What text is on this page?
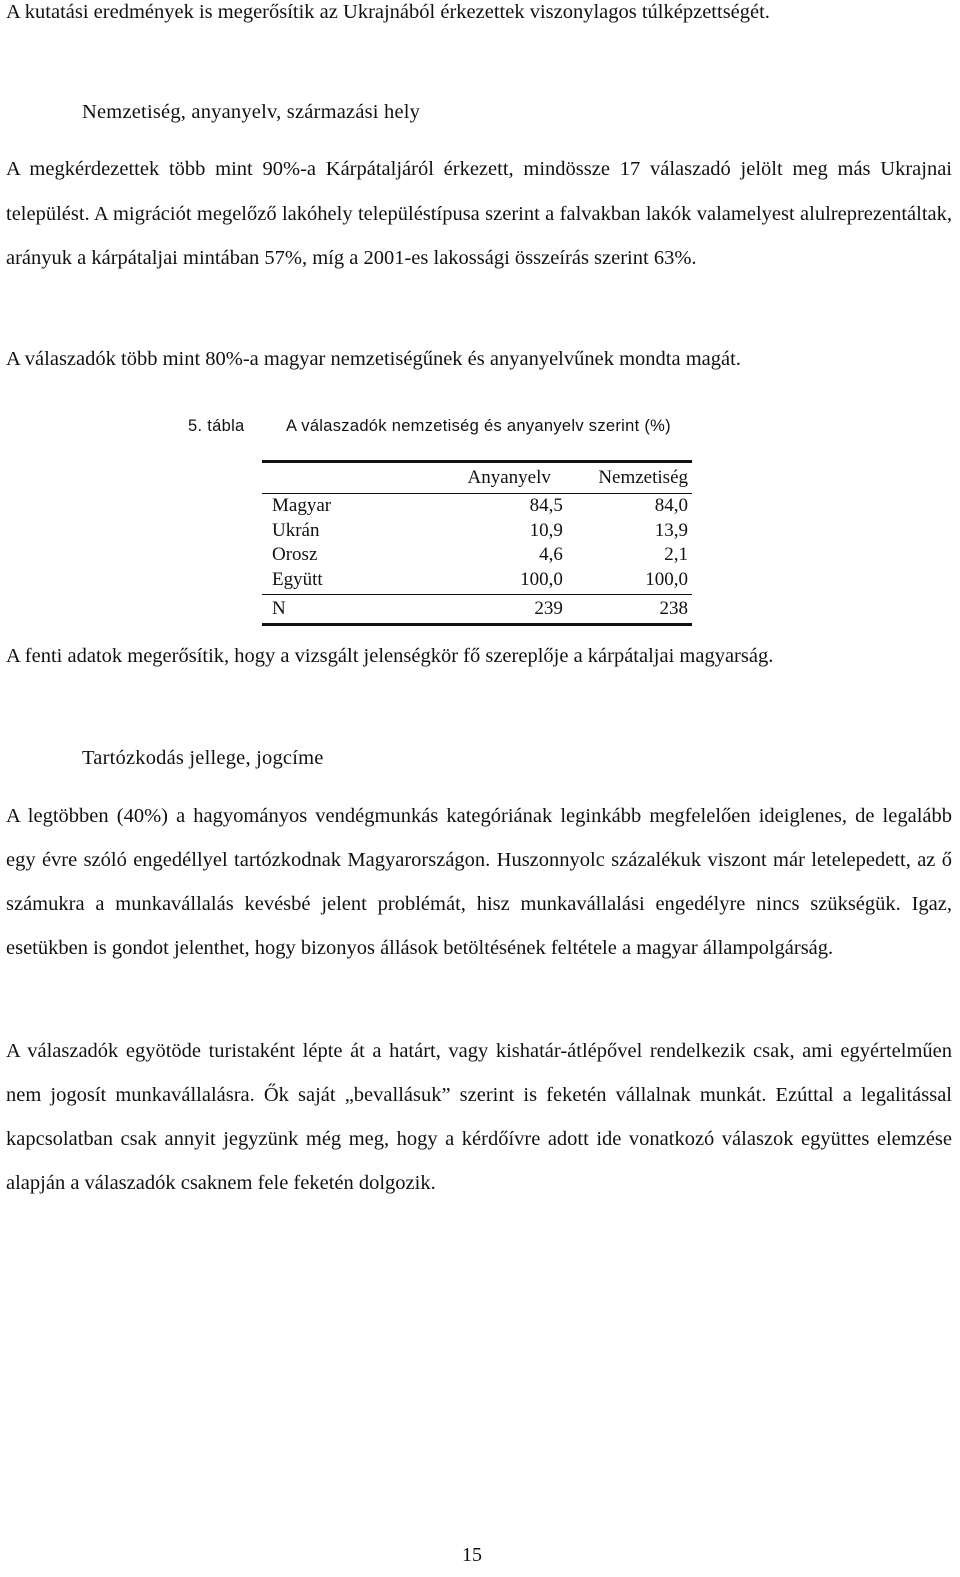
A kutatási eredmények is megerősítik az Ukrajnából érkezettek viszonylagos túlképzettségét.

Nemzetiség, anyanyelv, származási hely

A megkérdezettek több mint 90%-a Kárpátaljáról érkezett, mindössze 17 válaszadó jelölt meg más Ukrajnai települést. A migrációt megelőző lakóhely településtípusa szerint a falvakban lakók valamelyest alulreprezentáltak, arányuk a kárpátaljai mintában 57%, míg a 2001-es lakossági összeírás szerint 63%.

A válaszadók több mint 80%-a magyar nemzetiségűnek és anyanyelvűnek mondta magát.

5. tábla	A válaszadók nemzetiség és anyanyelv szerint (%)
	Anyanyelv	Nemzetiség
Magyar	84,5	84,0
Ukrán	10,9	13,9
Orosz	4,6	2,1
Együtt	100,0	100,0
N	239	238

A fenti adatok megerősítik, hogy a vizsgált jelenségkör fő szereplője a kárpátaljai magyarság.

Tartózkodás jellege, jogcíme

A legtöbben (40%) a hagyományos vendégmunkás kategóriának leginkább megfelelően ideiglenes, de legalább egy évre szóló engedéllyel tartózkodnak Magyarországon. Huszonnyolc százalékuk viszont már letelepedett, az ő számukra a munkavállalás kevésbé jelent problémát, hisz munkavállalási engedélyre nincs szükségük. Igaz, esetükben is gondot jelenthet, hogy bizonyos állások betöltésének feltétele a magyar állampolgárság.

A válaszadók egyötöde turistaként lépte át a határt, vagy kishatár-átlépővel rendelkezik csak, ami egyértelműen nem jogosít munkavállalásra. Ők saját „bevallásuk” szerint is feketén vállalnak munkát. Ezúttal a legalitással kapcsolatban csak annyit jegyzünk még meg, hogy a kérdőívre adott ide vonatkozó válaszok együttes elemzése alapján a válaszadók csaknem fele feketén dolgozik.

15
